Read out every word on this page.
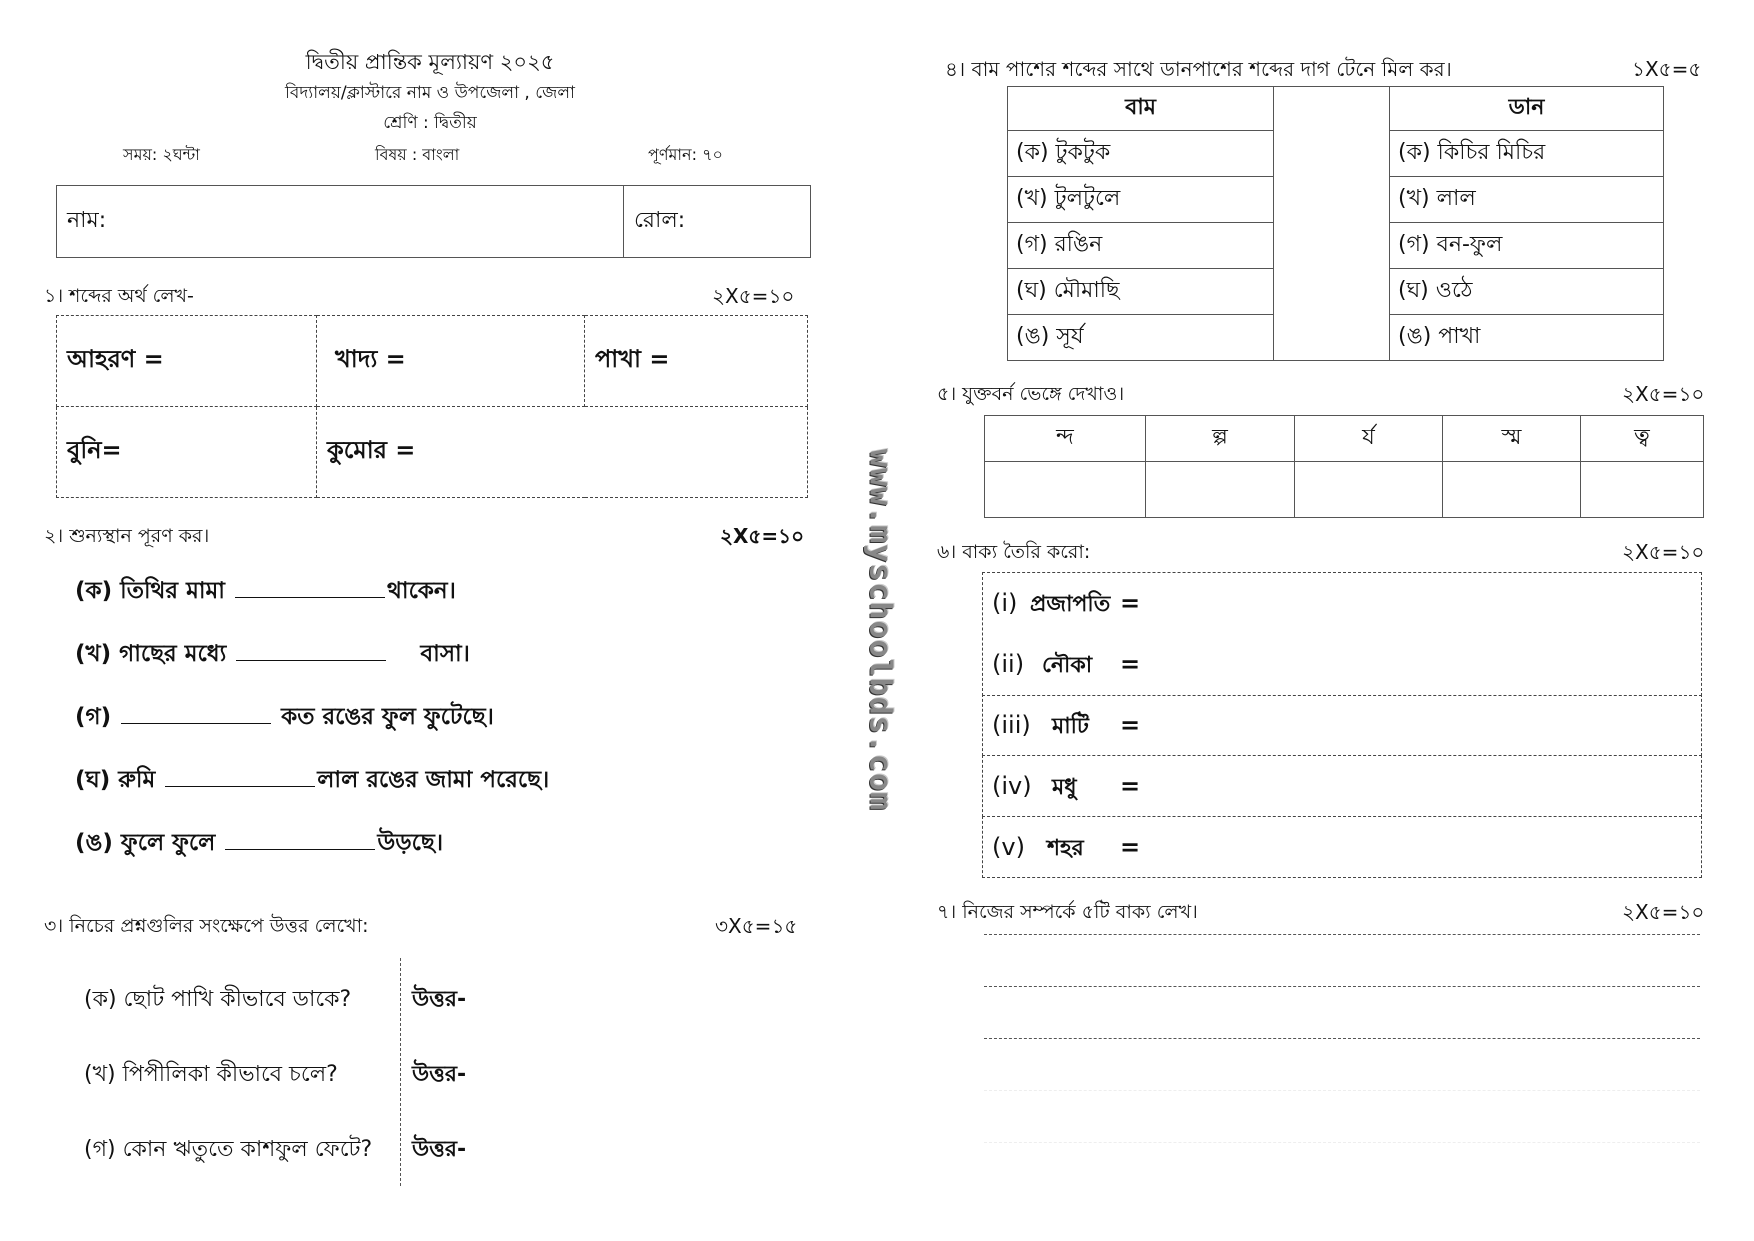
দ্বিতীয় প্রান্তিক মূল্যায়ণ ২০২৫
বিদ্যালয়/ক্লাস্টারে নাম ও উপজেলা , জেলা
শ্রেণি : দ্বিতীয়
সময়: ২ঘন্টা	বিষয় : বাংলা	পূর্ণমান: ৭০
নাম:	রোল:
১। শব্দের অর্থ লেখ-	২X৫=১০
আহরণ =	খাদ্য =	পাখা =
বুনি=	কুমোর =	
২। শুন্যস্থান পূরণ কর।	২X৫=১০
(ক) তিথির মামা	থাকেন।
(খ) গাছের মধ্যে	বাসা।
(গ)	কত রঙের ফুল ফুটেছে।
(ঘ) রুমি	লাল রঙের জামা পরেছে।
(ঙ) ফুলে ফুলে	উড়ছে।
৩। নিচের প্রশ্নগুলির সংক্ষেপে উত্তর লেখো:	৩X৫=১৫
(ক) ছোট পাখি কীভাবে ডাকে?	উত্তর-
(খ) পিপীলিকা কীভাবে চলে?	উত্তর-
(গ) কোন ঋতুতে কাশফুল ফেটে? উত্তর-
www.myschoolbds.com
৪। বাম পাশের শব্দের সাথে ডানপাশের শব্দের দাগ টেনে মিল কর।	১X৫=৫
বাম		ডান
(ক) টুকটুক		(ক) কিচির মিচির
(খ) টুলটুলে		(খ) লাল
(গ) রঙিন		(গ) বন-ফুল
(ঘ) মৌমাছি		(ঘ) ওঠে
(ঙ) সূর্য		(ঙ) পাখা
৫। যুক্তবর্ন ভেঙ্গে দেখাও।	২X৫=১০
ন্দ	ল্প	র্য	স্ম	ত্ব

৬। বাক্য তৈরি করো:	২X৫=১০
(i) প্রজাপতি =
(ii) নৌকা =
(iii) মাটি =
(iv) মধু =
(v) শহর =
৭। নিজের সম্পর্কে ৫টি বাক্য লেখ।	২X৫=১০
